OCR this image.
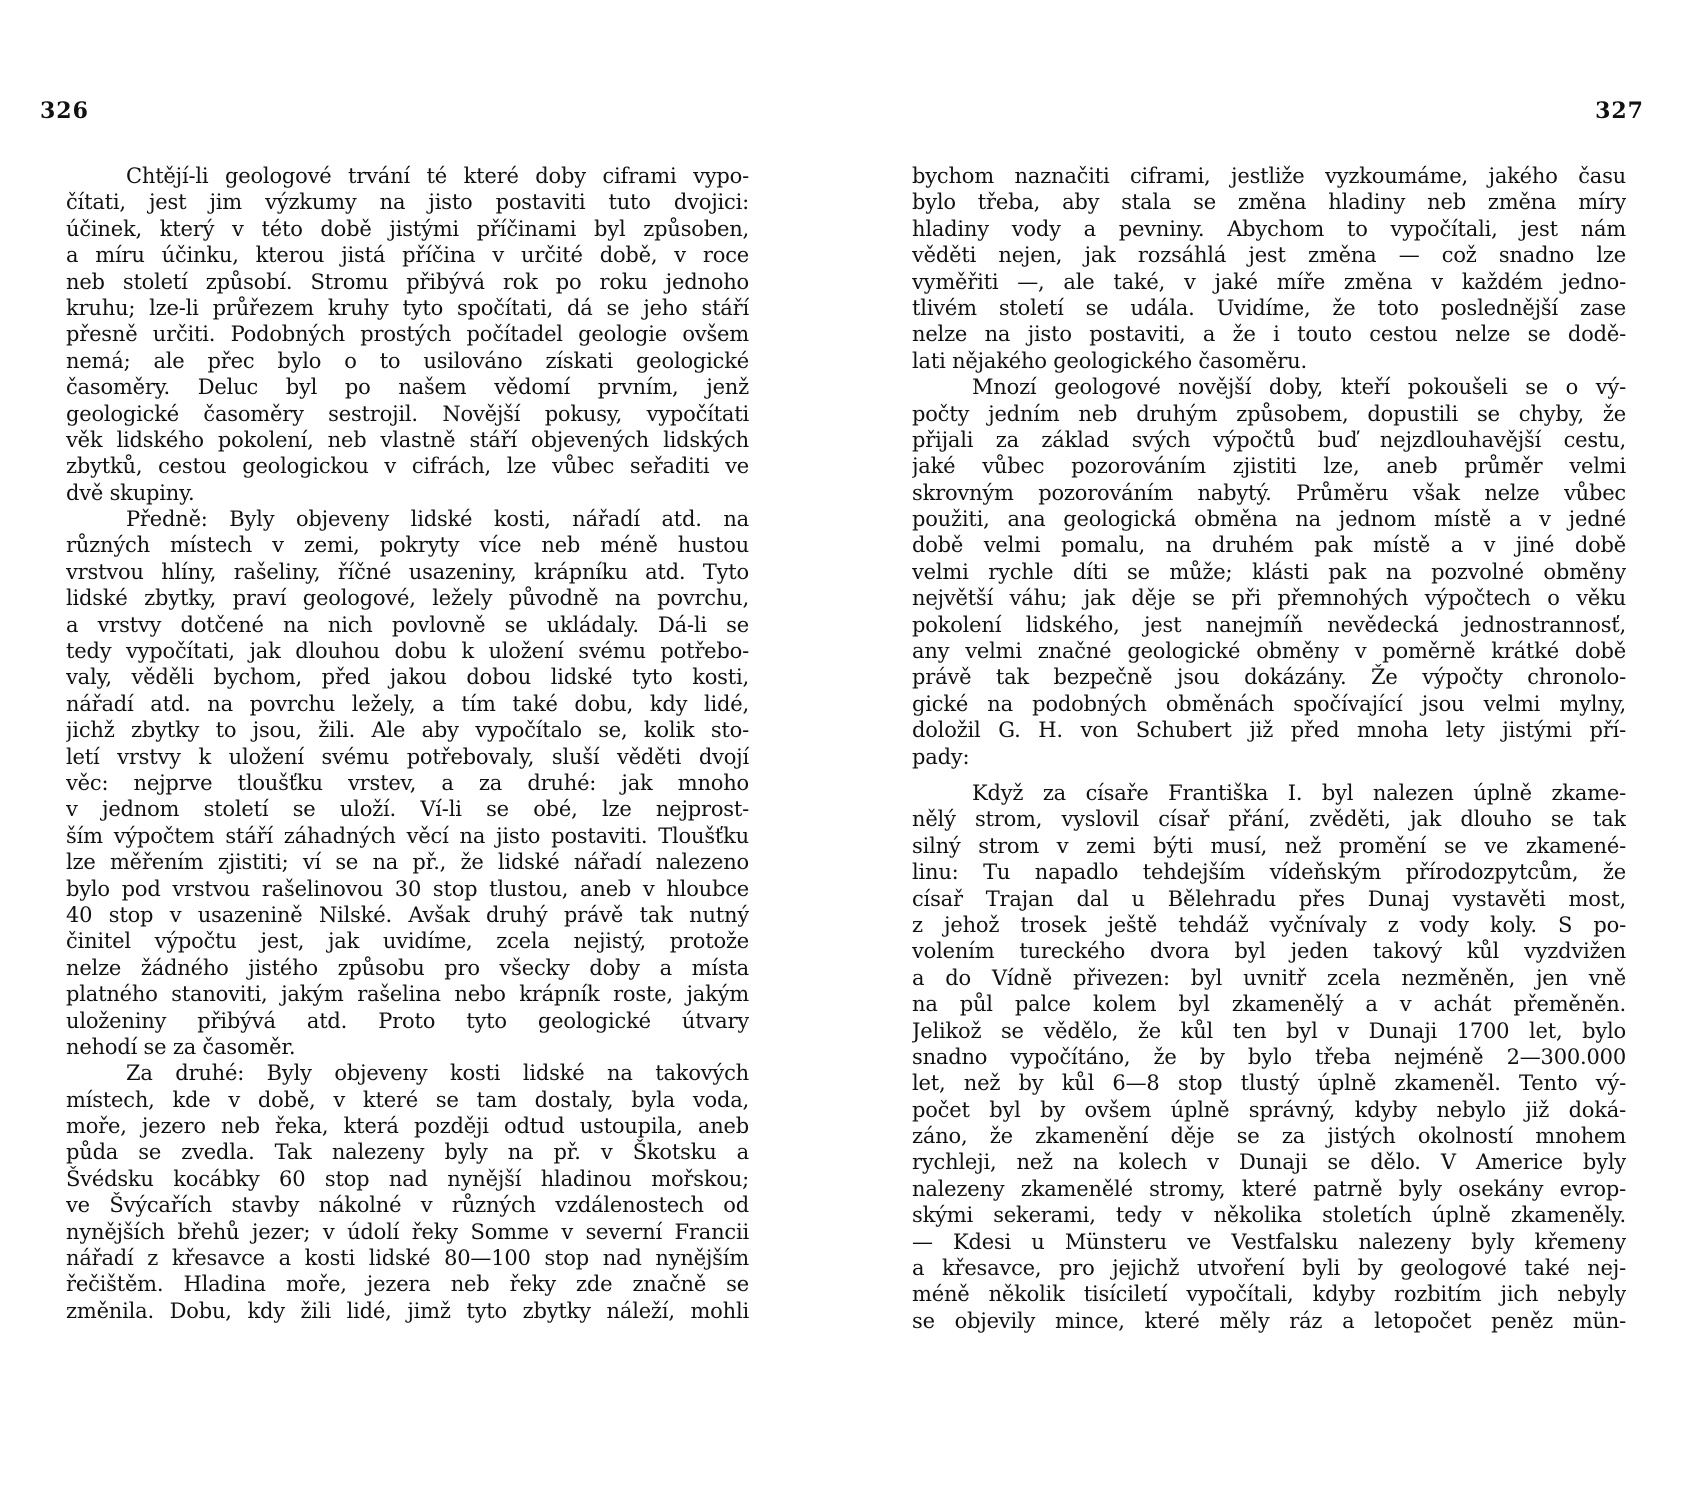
326
Chtějí-li geologové trvání té které doby ciframi vypo-
čítati, jest jim výzkumy na jisto postaviti tuto dvojici:
účinek, který v této době jistými příčinami byl způsoben,
a míru účinku, kterou jistá příčina v určité době, v roce
neb století způsobí. Stromu přibývá rok po roku jednoho
kruhu; lze-li průřezem kruhy tyto spočítati, dá se jeho stáří
přesně určiti. Podobných prostých počítadel geologie ovšem
nemá; ale přec bylo o to usilováno získati geologické
časoměry. Deluc byl po našem vědomí prvním, jenž
geologické časoměry sestrojil. Novější pokusy, vypočítati
věk lidského pokolení, neb vlastně stáří objevených lidských
zbytků, cestou geologickou v cifrách, lze vůbec seřaditi ve
dvě skupiny.
Předně: Byly objeveny lidské kosti, nářadí atd. na
různých místech v zemi, pokryty více neb méně hustou
vrstvou hlíny, rašeliny, říčné usazeniny, krápníku atd. Tyto
lidské zbytky, praví geologové, ležely původně na povrchu,
a vrstvy dotčené na nich povlovně se ukládaly. Dá-li se
tedy vypočítati, jak dlouhou dobu k uložení svému potřebo-
valy, věděli bychom, před jakou dobou lidské tyto kosti,
nářadí atd. na povrchu ležely, a tím také dobu, kdy lidé,
jichž zbytky to jsou, žili. Ale aby vypočítalo se, kolik sto-
letí vrstvy k uložení svému potřebovaly, sluší věděti dvojí
věc: nejprve tloušťku vrstev, a za druhé: jak mnoho
v jednom století se uloží. Ví-li se obé, lze nejprost-
ším výpočtem stáří záhadných věcí na jisto postaviti. Tloušťku
lze měřením zjistiti; ví se na př., že lidské nářadí nalezeno
bylo pod vrstvou rašelinovou 30 stop tlustou, aneb v hloubce
40 stop v usazenině Nilské. Avšak druhý právě tak nutný
činitel výpočtu jest, jak uvidíme, zcela nejistý, protože
nelze žádného jistého způsobu pro všecky doby a místa
platného stanoviti, jakým rašelina nebo krápník roste, jakým
uloženiny přibývá atd. Proto tyto geologické útvary
nehodí se za časoměr.
Za druhé: Byly objeveny kosti lidské na takových
místech, kde v době, v které se tam dostaly, byla voda,
moře, jezero neb řeka, která později odtud ustoupila, aneb
půda se zvedla. Tak nalezeny byly na př. v Škotsku a
Švédsku kocábky 60 stop nad nynější hladinou mořskou;
ve Švýcařích stavby nákolné v různých vzdálenostech od
nynějších břehů jezer; v údolí řeky Somme v severní Francii
nářadí z křesavce a kosti lidské 80—100 stop nad nynějším
řečištěm. Hladina moře, jezera neb řeky zde značně se
změnila. Dobu, kdy žili lidé, jimž tyto zbytky náleží, mohli
327
bychom naznačiti ciframi, jestliže vyzkoumáme, jakého času
bylo třeba, aby stala se změna hladiny neb změna míry
hladiny vody a pevniny. Abychom to vypočítali, jest nám
věděti nejen, jak rozsáhlá jest změna — což snadno lze
vyměřiti —, ale také, v jaké míře změna v každém jedno-
tlivém století se udála. Uvidíme, že toto poslednější zase
nelze na jisto postaviti, a že i touto cestou nelze se dodě-
lati nějakého geologického časoměru.
Mnozí geologové novější doby, kteří pokoušeli se o vý-
počty jedním neb druhým způsobem, dopustili se chyby, že
přijali za základ svých výpočtů buď nejzdlouhavější cestu,
jaké vůbec pozorováním zjistiti lze, aneb průměr velmi
skrovným pozorováním nabytý. Průměru však nelze vůbec
použiti, ana geologická obměna na jednom místě a v jedné
době velmi pomalu, na druhém pak místě a v jiné době
velmi rychle díti se může; klásti pak na pozvolné obměny
největší váhu; jak děje se při přemnohých výpočtech o věku
pokolení lidského, jest nanejmíň nevědecká jednostrannosť,
any velmi značné geologické obměny v poměrně krátké době
právě tak bezpečně jsou dokázány. Že výpočty chronolo-
gické na podobných obměnách spočívající jsou velmi mylny,
doložil G. H. von Schubert již před mnoha lety jistými pří-
pady:
Když za císaře Františka I. byl nalezen úplně zkame-
nělý strom, vyslovil císař přání, zvěděti, jak dlouho se tak
silný strom v zemi býti musí, než promění se ve zkamené-
linu: Tu napadlo tehdejším vídeňským přírodozpytcům, že
císař Trajan dal u Bělehradu přes Dunaj vystavěti most,
z jehož trosek ještě tehdáž vyčnívaly z vody koly. S po-
volením tureckého dvora byl jeden takový kůl vyzdvižen
a do Vídně přivezen: byl uvnitř zcela nezměněn, jen vně
na půl palce kolem byl zkamenělý a v achát přeměněn.
Jelikož se vědělo, že kůl ten byl v Dunaji 1700 let, bylo
snadno vypočítáno, že by bylo třeba nejméně 2—300.000
let, než by kůl 6—8 stop tlustý úplně zkameněl. Tento vý-
počet byl by ovšem úplně správný, kdyby nebylo již doká-
záno, že zkamenění děje se za jistých okolností mnohem
rychleji, než na kolech v Dunaji se dělo. V Americe byly
nalezeny zkamenělé stromy, které patrně byly osekány evrop-
skými sekerami, tedy v několika stoletích úplně zkameněly.
— Kdesi u Münsteru ve Vestfalsku nalezeny byly křemeny
a křesavce, pro jejichž utvoření byli by geologové také nej-
méně několik tisíciletí vypočítali, kdyby rozbitím jich nebyly
se objevily mince, které měly ráz a letopočet peněz mün-
